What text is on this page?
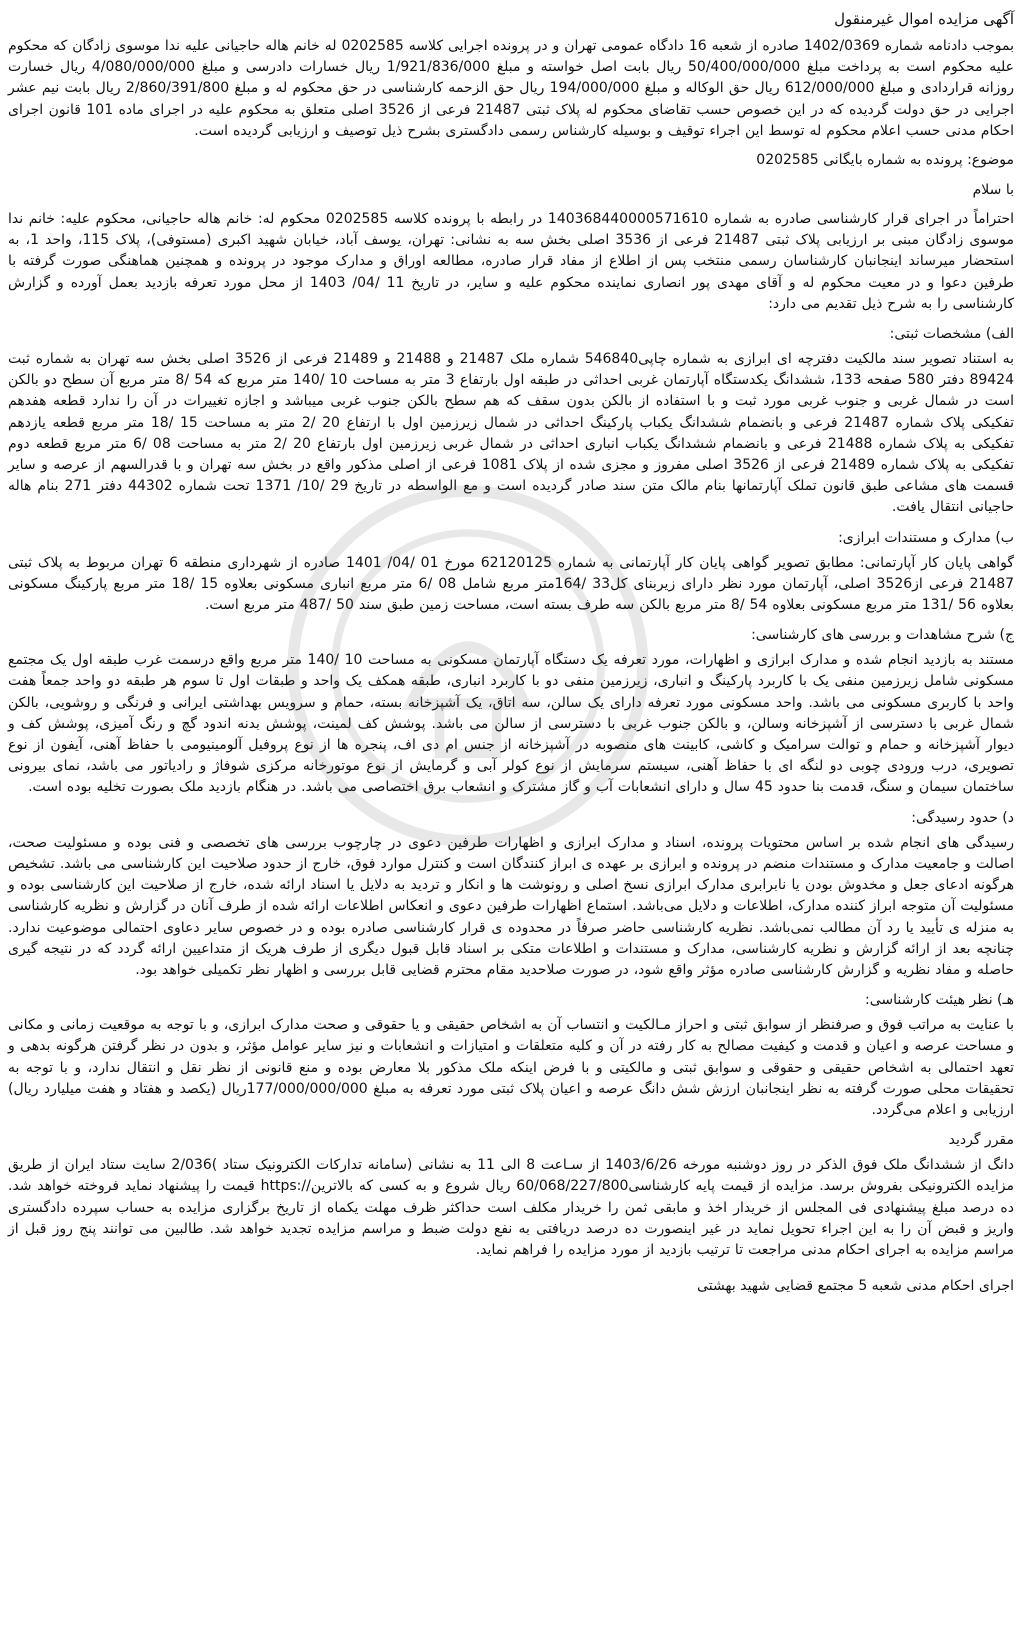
آگهی مزایده اموال غیرمنقول

بموجب دادنامه شماره 1402/0369 صادره از شعبه 16 دادگاه عمومی تهران و در پرونده اجرایی کلاسه 0202585 له خانم هاله حاجیانی علیه ندا موسوی زادگان که محکوم علیه محکوم است به پرداخت مبلغ 50/400/000/000 ریال بابت اصل خواسته و مبلغ 1/921/836/000 ریال خسارات دادرسی و مبلغ 4/080/000/000 ریال خسارت روزانه قراردادی و مبلغ 612/000/000 ریال حق الوکاله و مبلغ 194/000/000 ریال حق الزحمه کارشناسی در حق محکوم له و مبلغ 2/860/391/800 ریال بابت نیم عشر اجرایی در حق دولت گردیده که در این خصوص حسب تقاضای محکوم له پلاک ثبتی 21487 فرعی از 3526 اصلی متعلق به محکوم علیه در اجرای ماده 101 قانون اجرای احکام مدنی حسب اعلام محکوم له توسط این اجراء توقیف و بوسیله کارشناس رسمی دادگستری بشرح ذیل توصیف و ارزیابی گردیده است.

موضوع: پرونده به شماره بایگانی 0202585
با سلام

احتراماً در اجرای قرار کارشناسی صادره به شماره 140368440000571610 در رابطه با پرونده کلاسه 0202585 محکوم له: خانم هاله حاجیانی، محکوم علیه: خانم ندا موسوی زادگان مبنی بر ارزیابی پلاک ثبتی 21487 فرعی از 3536 اصلی بخش سه به نشانی: تهران، یوسف آباد، خیابان شهید اکبری (مستوفی)، پلاک 115، واحد 1، به استحضار میرساند اینجانبان کارشناسان رسمی منتخب پس از اطلاع از مفاد قرار صادره، مطالعه اوراق و مدارک موجود در پرونده و همچنین هماهنگی صورت گرفته با طرفین دعوا و در معیت محکوم له و آقای مهدی پور انصاری نماینده محکوم علیه و سایر، در تاریخ 11 /04/ 1403 از محل مورد تعرفه بازدید بعمل آورده و گزارش کارشناسی را به شرح ذیل تقدیم می دارد:

الف) مشخصات ثبتی:

به استناد تصویر سند مالکیت دفترچه ای ابرازی به شماره چاپی546840 شماره ملک 21487 و 21488 و 21489 فرعی از 3526 اصلی بخش سه تهران به شماره ثبت 89424 دفتر 580 صفحه 133، ششدانگ یکدستگاه آپارتمان غربی احداثی در طبقه اول بارتفاع 3 متر به مساحت 10 /140 متر مربع که 54 /8 متر مربع آن سطح دو بالکن است در شمال غربی و جنوب غربی مورد ثبت و با استفاده از بالکن بدون سقف که هم سطح بالکن جنوب غربی میباشد و اجازه تغییرات در آن را ندارد قطعه هفدهم تفکیکی پلاک شماره 21487 فرعی و بانضمام ششدانگ یکباب پارکینگ احداثی در شمال زیرزمین اول با ارتفاع 20 /2 متر به مساحت 15 /18 متر مربع قطعه یازدهم تفکیکی به پلاک شماره 21488 فرعی و بانضمام ششدانگ یکباب انباری احداثی در شمال غربی زیرزمین اول بارتفاع 20 /2 متر به مساحت 08 /6 متر مربع قطعه دوم تفکیکی به پلاک شماره 21489 فرعی از 3526 اصلی مفروز و مجزی شده از پلاک 1081 فرعی از اصلی مذکور واقع در بخش سه تهران و با قدرالسهم از عرصه و سایر قسمت های مشاعی طبق قانون تملک آپارتمانها بنام مالک متن سند صادر گردیده است و مع الواسطه در تاریخ 29 /10/ 1371 تحت شماره 44302 دفتر 271 بنام هاله حاجیانی انتقال یافت.

ب) مدارک و مستندات ابرازی:

گواهی پایان کار آپارتمانی: مطابق تصویر گواهی پایان کار آپارتمانی به شماره 62120125 مورخ 01 /04/ 1401 صادره از شهرداری منطقه 6 تهران مربوط به پلاک ثبتی 21487 فرعی از3526 اصلی، آپارتمان مورد نظر دارای زیربنای کل33 /164متر مربع شامل 08 /6 متر مربع انباری مسکونی بعلاوه 15 /18 متر مربع پارکینگ مسکونی بعلاوه 56 /131 متر مربع مسکونی بعلاوه 54 /8 متر مربع بالکن سه طرف بسته است، مساحت زمین طبق سند 50 /487 متر مربع است.

ج) شرح مشاهدات و بررسی های کارشناسی:

مستند به بازدید انجام شده و مدارک ابرازی و اظهارات، مورد تعرفه یک دستگاه آپارتمان مسکونی به مساحت 10 /140 متر مربع واقع درسمت غرب طبقه اول یک مجتمع مسکونی شامل زیرزمین منفی یک با کاربرد پارکینگ و انباری، زیرزمین منفی دو با کاربرد انباری، طبقه همکف یک واحد و طبقات اول تا سوم هر طبقه دو واحد جمعاً هفت واحد با کاربری مسکونی می باشد. واحد مسکونی مورد تعرفه دارای یک سالن، سه اتاق، یک آشپزخانه بسته، حمام و سرویس بهداشتی ایرانی و فرنگی و روشویی، بالکن شمال غربی با دسترسی از آشپزخانه وسالن، و بالکن جنوب غربی با دسترسی از سالن می باشد. پوشش کف لمینت، پوشش بدنه اندود گچ و رنگ آمیزی، پوشش کف و دیوار آشپزخانه و حمام و توالت سرامیک و کاشی، کابینت های منصوبه در آشپزخانه از جنس ام دی اف، پنجره ها از نوع پروفیل آلومینیومی با حفاظ آهنی، آیفون از نوع تصویری، درب ورودی چوبی دو لنگه ای با حفاظ آهنی، سیستم سرمایش از نوع کولر آبی و گرمایش از نوع موتورخانه مرکزی شوفاژ و رادیاتور می باشد، نمای بیرونی ساختمان سیمان و سنگ، قدمت بنا حدود 45 سال و دارای انشعابات آب و گاز مشترک و انشعاب برق اختصاصی می باشد. در هنگام بازدید ملک بصورت تخلیه بوده است.

د) حدود رسیدگی:

رسیدگی های انجام شده بر اساس محتویات پرونده، اسناد و مدارک ابرازی و اظهارات طرفین دعوی در چارچوب بررسی های تخصصی و فنی بوده و مسئولیت صحت، اصالت و جامعیت مدارک و مستندات منضم در پرونده و ابرازی بر عهده ی ابراز کنندگان است و کنترل موارد فوق، خارج از حدود صلاحیت این کارشناسی می باشد. تشخیص هرگونه ادعای جعل و مخدوش بودن یا نابرابری مدارک ابرازی نسخ اصلی و رونوشت ها و انکار و تردید به دلایل یا اسناد ارائه شده، خارج از صلاحیت این کارشناسی بوده و مسئولیت آن متوجه ابراز کننده مدارک، اطلاعات و دلایل می‌باشد. استماع اظهارات طرفین دعوی و انعکاس اطلاعات ارائه شده از طرف آنان در گزارش و نظریه کارشناسی به منزله ی تأیید یا رد آن مطالب نمی‌باشد. نظریه کارشناسی حاضر صرفاً در محدوده ی قرار کارشناسی صادره بوده و در خصوص سایر دعاوی احتمالی موضوعیت ندارد. چنانچه بعد از ارائه گزارش و نظریه کارشناسی، مدارک و مستندات و اطلاعات متکی بر اسناد قابل قبول دیگری از طرف هریک از متداعیین ارائه گردد که در نتیجه گیری حاصله و مفاد نظریه و گزارش کارشناسی صادره مؤثر واقع شود، در صورت صلاحدید مقام محترم قضایی قابل بررسی و اظهار نظر تکمیلی خواهد بود.

هـ) نظر هیئت کارشناسی:

با عنایت به مراتب فوق و صرفنظر از سوابق ثبتی و احراز مـالکیت و انتساب آن به اشخاص حقیقی و یا حقوقی و صحت مدارک ابرازی، و با توجه به موقعیت زمانی و مکانی و مساحت عرصه و اعیان و قدمت و کیفیت مصالح به کار رفته در آن و کلیه متعلقات و امتیازات و انشعابات و نیز سایر عوامل مؤثر، و بدون در نظر گرفتن هرگونه بدهی و تعهد احتمالی به اشخاص حقیقی و حقوقی و سوابق ثبتی و مالکیتی و با فرض اینکه ملک مذکور بلا معارض بوده و منع قانونی از نظر نقل و انتقال ندارد، و با توجه به تحقیقات محلی صورت گرفته به نظر اینجانبان ارزش شش دانگ عرصه و اعیان پلاک ثبتی مورد تعرفه به مبلغ 177/000/000/000ریال (یکصد و هفتاد و هفت میلیارد ریال) ارزیابی و اعلام می‌گردد.

مقرر گردید

دانگ از ششدانگ ملک فوق الذکر در روز دوشنبه مورخه 1403/6/26 از سـاعت 8 الی 11 به نشانی (سامانه تدارکات الکترونیک ستاد )2/036 سایت ستاد ایران از طریق مزایده الکترونیکی بفروش برسد. مزایده از قیمت پایه کارشناسی60/068/227/800 ریال شروع و به کسی که بالاترین//:https قیمت را پیشنهاد نماید فروخته خواهد شد. ده درصد مبلغ پیشنهادی فی المجلس از خریدار اخذ و مابقی ثمن را خریدار مکلف است حداکثر ظرف مهلت یکماه از تاریخ برگزاری مزایده به حساب سپرده دادگستری واریز و قبض آن را به این اجراء تحویل نماید در غیر اینصورت ده درصد دریافتی به نفع دولت ضبط و مراسم مزایده تجدید خواهد شد. طالبین می توانند پنج روز قبل از مراسم مزایده به اجرای احکام مدنی مراجعت تا ترتیب بازدید از مورد مزایده را فراهم نماید.

اجرای احکام مدنی شعبه 5 مجتمع قضایی شهید بهشتی
